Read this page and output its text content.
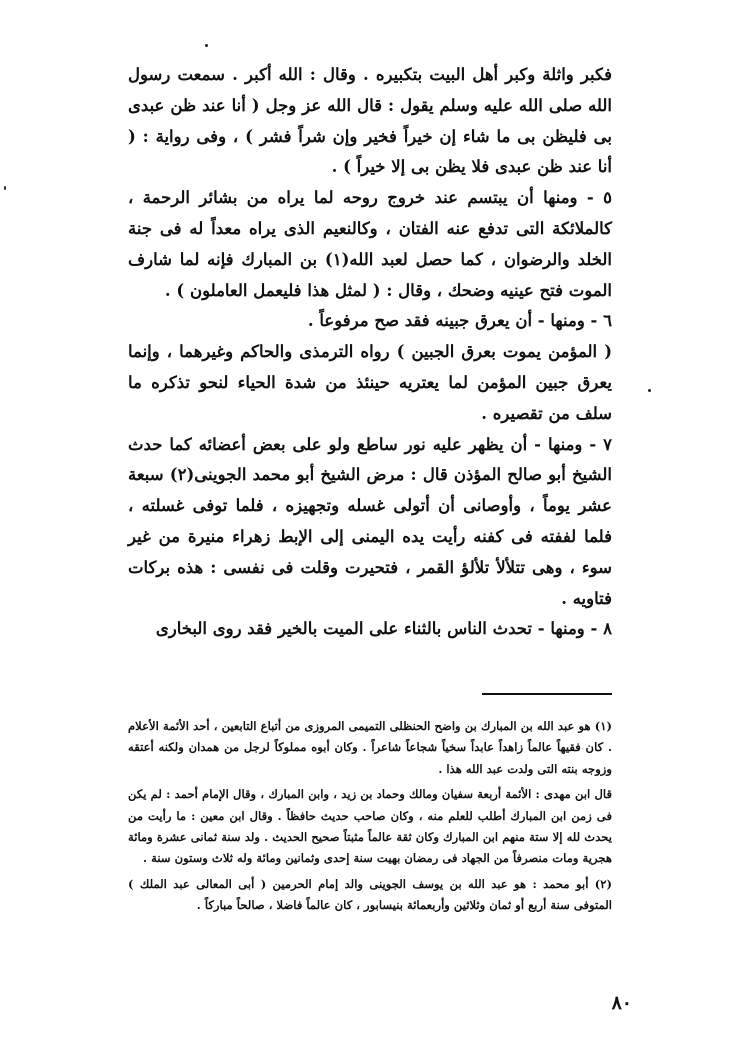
فكبر واثلة وكبر أهل البيت بتكبيره . وقال : الله أكبر . سمعت رسول الله صلى الله عليه وسلم يقول : قال الله عز وجل ( أنا عند ظن عبدى بى فليظن بى ما شاء إن خيراً فخير وإن شراً فشر ) ، وفى رواية : ( أنا عند ظن عبدى فلا يظن بى إلا خيراً ) .

٥ - ومنها أن يبتسم عند خروج روحه لما يراه من بشائر الرحمة ، كالملائكة التى تدفع عنه الفتان ، وكالنعيم الذى يراه معداً له فى جنة الخلد والرضوان ، كما حصل لعبد الله(١) بن المبارك فإنه لما شارف الموت فتح عينيه وضحك ، وقال : ( لمثل هذا فليعمل العاملون ) .

٦ - ومنها - أن يعرق جبينه فقد صح مرفوعاً .

( المؤمن يموت بعرق الجبين ) رواه الترمذى والحاكم وغيرهما ، وإنما يعرق جبين المؤمن لما يعتريه حينئذ من شدة الحياء لنحو تذكره ما سلف من تقصيره .

٧ - ومنها - أن يظهر عليه نور ساطع ولو على بعض أعضائه كما حدث الشيخ أبو صالح المؤذن قال : مرض الشيخ أبو محمد الجوينى(٢) سبعة عشر يوماً ، وأوصانى أن أتولى غسله وتجهيزه ، فلما توفى غسلته ، فلما لففته فى كفنه رأيت يده اليمنى إلى الإبط زهراء منيرة من غير سوء ، وهى تتلألأ تلألؤ القمر ، فتحيرت وقلت فى نفسى : هذه بركات فتاويه .

٨ - ومنها - تحدث الناس بالثناء على الميت بالخير فقد روى البخارى

(١) هو عبد الله بن المبارك بن واضح الحنظلى التميمى المروزى من أتباع التابعين ، أحد الأئمة الأعلام . كان فقيهاً عالماً زاهداً عابداً سخياً شجاعاً شاعراً . وكان أبوه مملوكاً لرجل من همدان ولكنه أعتقه وزوجه بنته التى ولدت عبد الله هذا .

قال ابن مهدى : الأئمة أربعة سفيان ومالك وحماد بن زيد ، وابن المبارك ، وقال الإمام أحمد : لم يكن فى زمن ابن المبارك أطلب للعلم منه ، وكان صاحب حديث حافظاً . وقال ابن معين : ما رأيت من يحدث لله إلا ستة منهم ابن المبارك وكان ثقة عالماً مثبتاً صحيح الحديث . ولد سنة ثمانى عشرة ومائة هجرية ومات منصرفاً من الجهاد فى رمضان بهيت سنة إحدى وثمانين ومائة وله ثلاث وستون سنة .

(٢) أبو محمد : هو عبد الله بن يوسف الجوينى والد إمام الحرمين ( أبى المعالى عبد الملك ) المتوفى سنة أربع أو ثمان وثلاثين وأربعمائة بنيسابور ، كان عالماً فاضلا ، صالحاً مباركاً .

٨٠
